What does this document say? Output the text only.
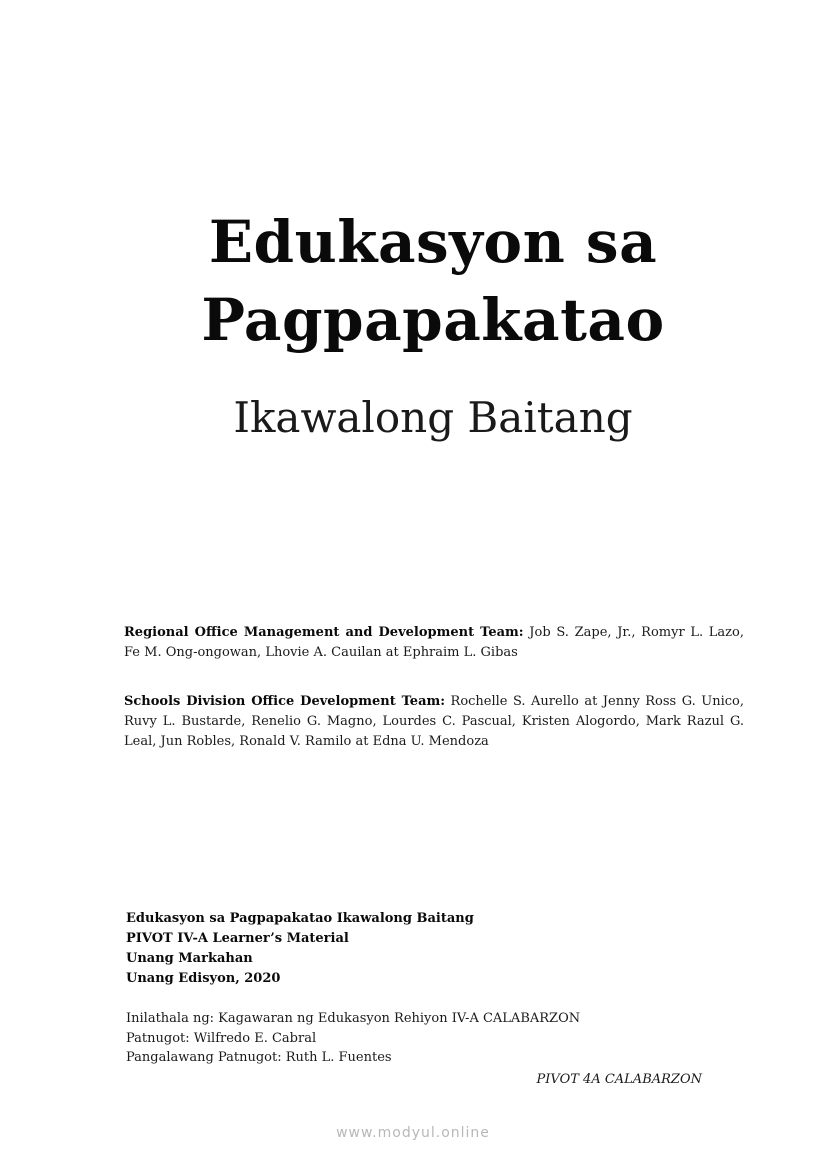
Edukasyon sa
Pagpapakatao
Ikawalong Baitang
Regional Office Management and Development Team: Job S. Zape, Jr., Romyr L. Lazo, Fe M. Ong-ongowan, Lhovie A. Cauilan at Ephraim L. Gibas
Schools Division Office Development Team: Rochelle S. Aurello at Jenny Ross G. Unico, Ruvy L. Bustarde, Renelio G. Magno, Lourdes C. Pascual, Kristen Alogordo, Mark Razul G. Leal, Jun Robles, Ronald V. Ramilo at Edna U. Mendoza
Edukasyon sa Pagpapakatao Ikawalong Baitang
PIVOT IV-A Learner’s Material
Unang Markahan
Unang Edisyon, 2020
Inilathala ng: Kagawaran ng Edukasyon Rehiyon IV-A CALABARZON
Patnugot: Wilfredo E. Cabral
Pangalawang Patnugot: Ruth L. Fuentes
PIVOT 4A CALABARZON
www.modyul.online
